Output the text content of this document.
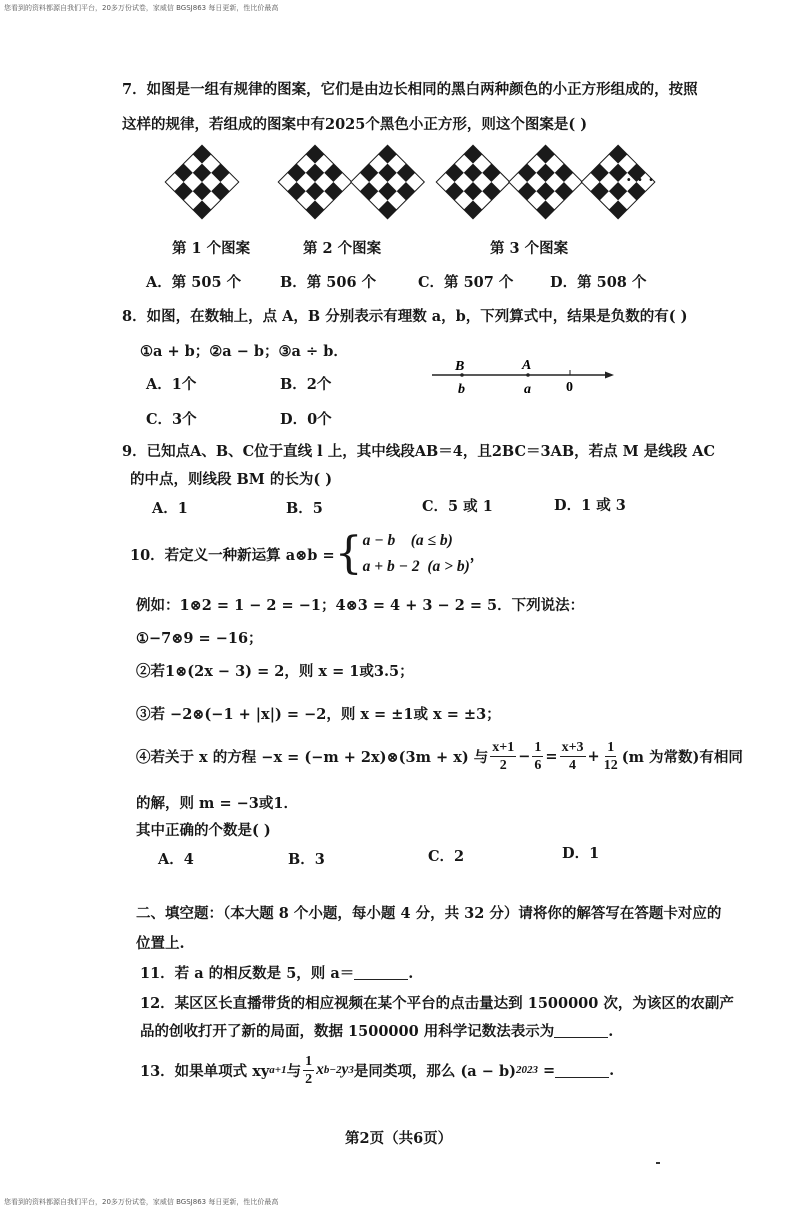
您看到的资料都源自我们平台，20多万份试卷，家威信 BGSJ863 每日更新，性比价最高
7．如图是一组有规律的图案，它们是由边长相同的黑白两种颜色的小正方形组成的，按照
这样的规律，若组成的图案中有2025个黑色小正方形，则这个图案是( )
第 1 个图案	第 2 个图案	第 3 个图案
· · ·
A．第 505 个	B．第 506 个	C．第 507 个	D．第 508 个
8．如图，在数轴上，点 A，B 分别表示有理数 a，b，下列算式中，结果是负数的有( )
①a + b；②a − b；③a ÷ b．
A．1个	B．2个
C．3个	D．0个
B	A
b	a	0
9．已知点A、B、C位于直线 l 上，其中线段AB＝4，且2BC＝3AB，若点 M 是线段 AC
的中点，则线段 BM 的长为( )
A．1	B．5	C．5 或 1	D．1 或 3
10．若定义一种新运算 a⊗b = { a − b    (a ≤ b)
a + b − 2  (a > b)
，
例如：1⊗2 = 1 − 2 = −1；4⊗3 = 4 + 3 − 2 = 5．下列说法：
①−7⊗9 = −16；
②若1⊗(2x − 3) = 2，则 x = 1或3.5；
③若 −2⊗(−1 + |x|) = −2，则 x = ±1或 x = ±3；
④若关于 x 的方程 −x = (−m + 2x)⊗(3m + x) 与 $\frac{x+1}{2} - \frac{1}{6} = \frac{x+3}{4} + \frac{1}{12} (m$ 为常数)有相同
的解，则 m = −3或1．
其中正确的个数是( )
A．4	B．3	C．2	D．1
二、填空题：（本大题 8 个小题，每小题 4 分，共 32 分）请将你的解答写在答题卡对应的
位置上.
11．若 a 的相反数是 5，则 a＝	.
12．某区区长直播带货的相应视频在某个平台的点击量达到 1500000 次，为该区的农副产
品的创收打开了新的局面，数据 1500000 用科学记数法表示为	.
13．如果单项式 xy a+1 与 $\frac{1}{2}$ x b−2 y 3 是同类项，那么 (a − b) 2023 =	.
第2页（共6页）
您看到的资料都源自我们平台，20多万份试卷，家威信 BGSJ863 每日更新，性比价最高
